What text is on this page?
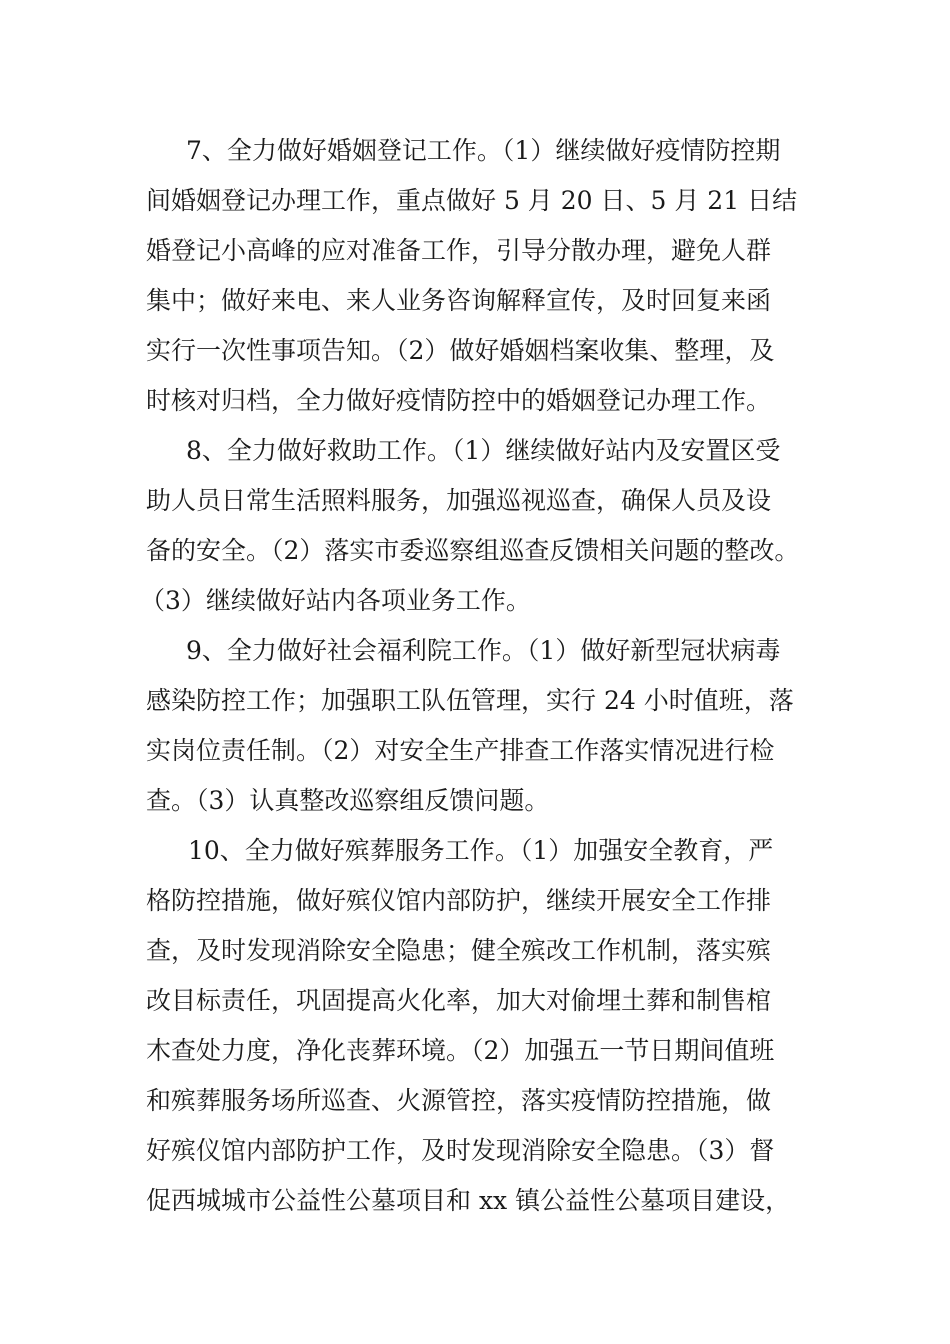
7、全力做好婚姻登记工作。（1）继续做好疫情防控期
间婚姻登记办理工作，重点做好 5 月 20 日、5 月 21 日结
婚登记小高峰的应对准备工作，引导分散办理，避免人群
集中；做好来电、来人业务咨询解释宣传，及时回复来函
实行一次性事项告知。（2）做好婚姻档案收集、整理，及
时核对归档，全力做好疫情防控中的婚姻登记办理工作。
8、全力做好救助工作。（1）继续做好站内及安置区受
助人员日常生活照料服务，加强巡视巡查，确保人员及设
备的安全。（2）落实市委巡察组巡查反馈相关问题的整改。
（3）继续做好站内各项业务工作。
9、全力做好社会福利院工作。（1）做好新型冠状病毒
感染防控工作；加强职工队伍管理，实行 24 小时值班，落
实岗位责任制。（2）对安全生产排查工作落实情况进行检
查。（3）认真整改巡察组反馈问题。
10、全力做好殡葬服务工作。（1）加强安全教育，严
格防控措施，做好殡仪馆内部防护，继续开展安全工作排
查，及时发现消除安全隐患；健全殡改工作机制，落实殡
改目标责任，巩固提高火化率，加大对偷埋土葬和制售棺
木查处力度，净化丧葬环境。（2）加强五一节日期间值班
和殡葬服务场所巡查、火源管控，落实疫情防控措施，做
好殡仪馆内部防护工作，及时发现消除安全隐患。（3）督
促西城城市公益性公墓项目和 xx 镇公益性公墓项目建设，
